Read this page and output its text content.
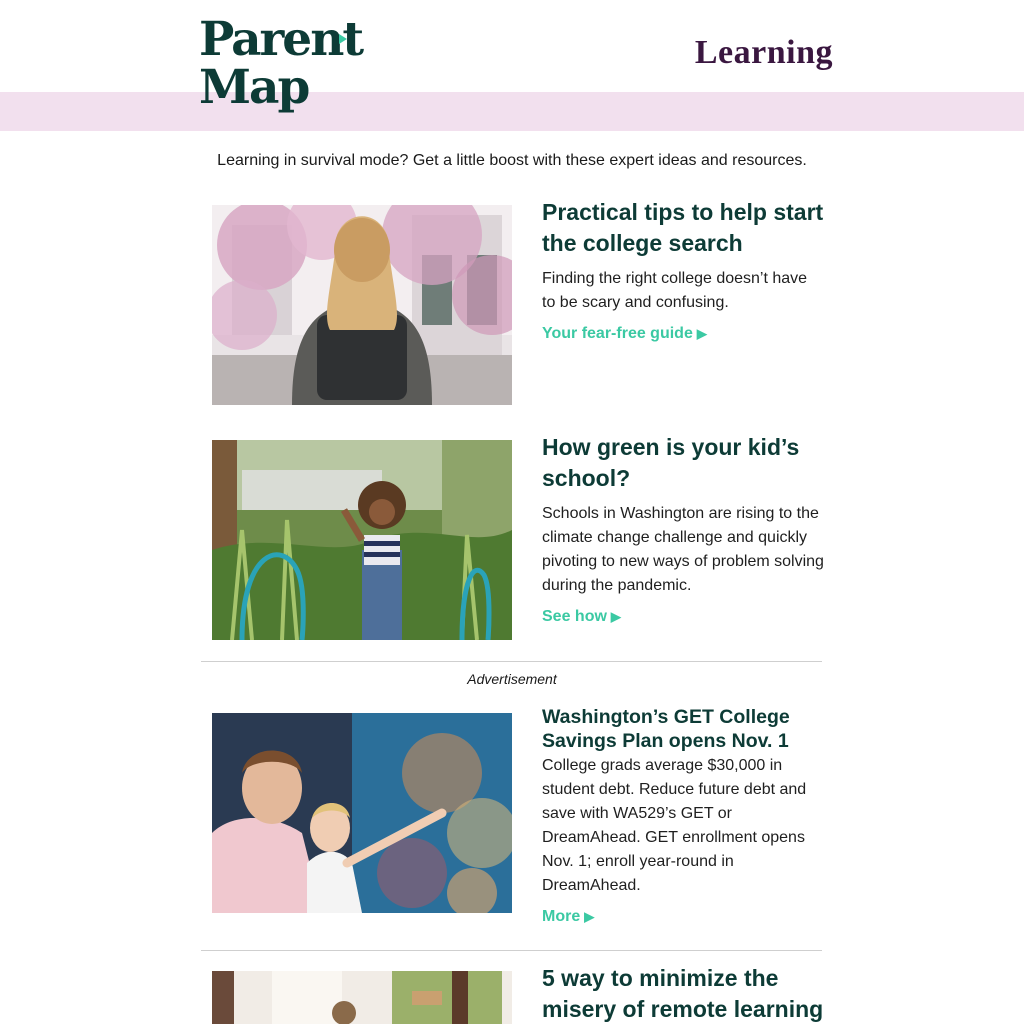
Parent
Map
Learning
Learning in survival mode? Get a little boost with these expert ideas and resources.
Practical tips to help start the college search

Finding the right college doesn’t have to be scary and confusing.

Your fear-free guide ▶
How green is your kid’s school?

Schools in Washington are rising to the climate change challenge and quickly pivoting to new ways of problem solving during the pandemic.

See how ▶
Advertisement
Washington’s GET College Savings Plan opens Nov. 1

College grads average $30,000 in student debt. Reduce future debt and save with WA529’s GET or DreamAhead. GET enrollment opens Nov. 1; enroll year-round in DreamAhead.

More ▶
5 way to minimize the misery of remote learning
